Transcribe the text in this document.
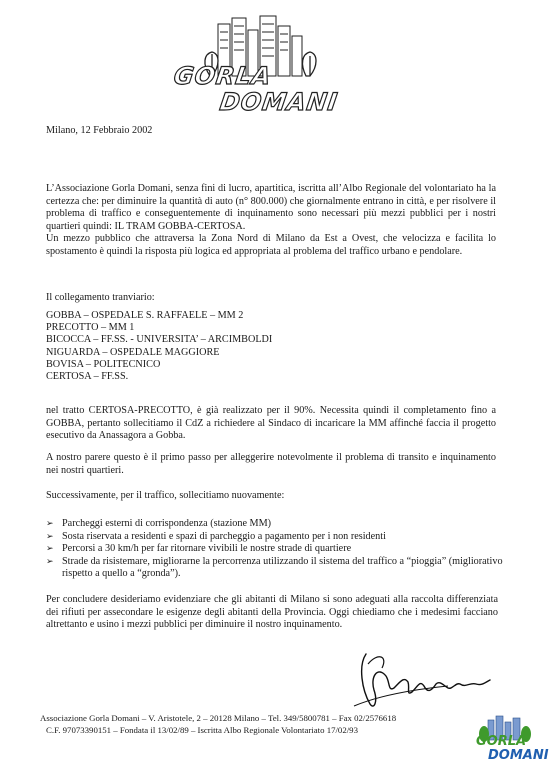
GORLA
DOMANI
Milano, 12 Febbraio 2002
L’Associazione Gorla Domani, senza fini di lucro, apartitica, iscritta all’Albo Regionale del volontariato ha la certezza che: per diminuire la quantità di auto (n° 800.000) che giornalmente entrano in città, e per risolvere il problema di traffico e conseguentemente di inquinamento sono necessari più mezzi pubblici per i nostri quartieri quindi: IL TRAM GOBBA-CERTOSA.
Un mezzo pubblico che attraversa la Zona Nord di Milano da Est a Ovest, che velocizza e facilita lo spostamento è quindi la risposta più logica ed appropriata al problema del traffico urbano e pendolare.
Il collegamento tranviario:
GOBBA – OSPEDALE S. RAFFAELE – MM 2
PRECOTTO – MM 1
BICOCCA – FF.SS. - UNIVERSITA’ – ARCIMBOLDI
NIGUARDA – OSPEDALE MAGGIORE
BOVISA – POLITECNICO
CERTOSA – FF.SS.
nel tratto CERTOSA-PRECOTTO, è già realizzato per il 90%. Necessita quindi il completamento fino a GOBBA, pertanto sollecitiamo il CdZ a richiedere al Sindaco di incaricare la MM affinché faccia il progetto esecutivo da Anassagora a Gobba.
A nostro parere questo è il primo passo per alleggerire notevolmente il problema di transito e inquinamento nei nostri quartieri.
Successivamente, per il traffico, sollecitiamo nuovamente:
➢ Parcheggi esterni di corrispondenza (stazione MM)
➢ Sosta riservata a residenti e spazi di parcheggio a pagamento per i non residenti
➢ Percorsi a 30 km/h per far ritornare vivibili le nostre strade di quartiere
➢ Strade da risistemare, migliorarne la percorrenza utilizzando il sistema del traffico a “pioggia” (migliorativo rispetto a quello a “gronda”).
Per concludere desideriamo evidenziare che gli abitanti di Milano si sono adeguati alla raccolta differenziata dei rifiuti per assecondare le esigenze degli abitanti della Provincia. Oggi chiediamo che i medesimi facciano altrettanto e usino i mezzi pubblici per diminuire il nostro inquinamento.
Associazione Gorla Domani – V. Aristotele, 2 – 20128 Milano – Tel. 349/5800781 – Fax 02/2576618
C.F. 97073390151 – Fondata il 13/02/89 – Iscritta Albo Regionale Volontariato 17/02/93
GORLA
DOMANI
